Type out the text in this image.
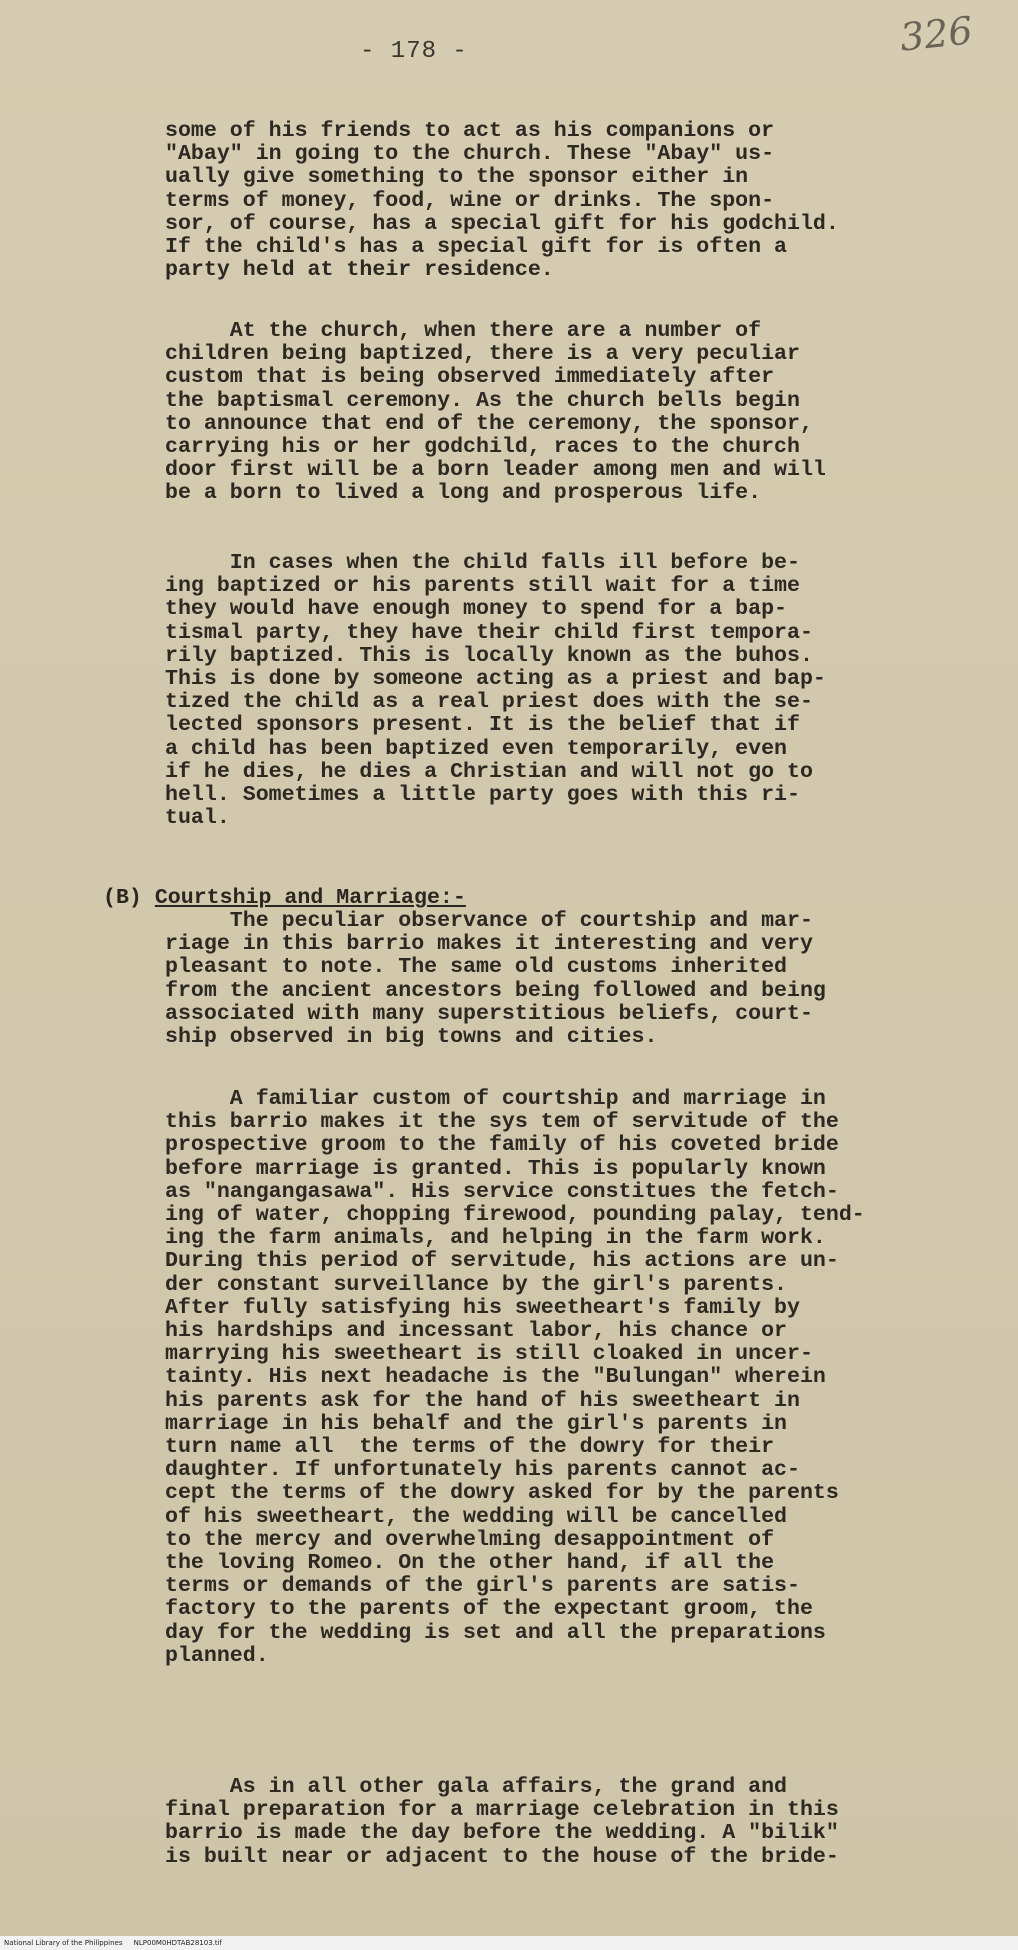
- 178 -	326
some of his friends to act as his companions or
"Abay" in going to the church. These "Abay" us-
ually give something to the sponsor either in
terms of money, food, wine or drinks. The spon-
sor, of course, has a special gift for his godchild.
If the child's has a special gift for is often a
party held at their residence.
At the church, when there are a number of
children being baptized, there is a very peculiar
custom that is being observed immediately after
the baptismal ceremony. As the church bells begin
to announce that end of the ceremony, the sponsor,
carrying his or her godchild, races to the church
door first will be a born leader among men and will
be a born to lived a long and prosperous life.
In cases when the child falls ill before be-
ing baptized or his parents still wait for a time
they would have enough money to spend for a bap-
tismal party, they have their child first tempora-
rily baptized. This is locally known as the buhos.
This is done by someone acting as a priest and bap-
tized the child as a real priest does with the se-
lected sponsors present. It is the belief that if
a child has been baptized even temporarily, even
if he dies, he dies a Christian and will not go to
hell. Sometimes a little party goes with this ri-
tual.
(B) Courtship and Marriage:-
The peculiar observance of courtship and mar-
riage in this barrio makes it interesting and very
pleasant to note. The same old customs inherited
from the ancient ancestors being followed and being
associated with many superstitious beliefs, court-
ship observed in big towns and cities.
A familiar custom of courtship and marriage in
this barrio makes it the sys tem of servitude of the
prospective groom to the family of his coveted bride
before marriage is granted. This is popularly known
as "nangangasawa". His service constitues the fetch-
ing of water, chopping firewood, pounding palay, tend-
ing the farm animals, and helping in the farm work.
During this period of servitude, his actions are un-
der constant surveillance by the girl's parents.
After fully satisfying his sweetheart's family by
his hardships and incessant labor, his chance or
marrying his sweetheart is still cloaked in uncer-
tainty. His next headache is the "Bulungan" wherein
his parents ask for the hand of his sweetheart in
marriage in his behalf and the girl's parents in
turn name all  the terms of the dowry for their
daughter. If unfortunately his parents cannot ac-
cept the terms of the dowry asked for by the parents
of his sweetheart, the wedding will be cancelled
to the mercy and overwhelming desappointment of
the loving Romeo. On the other hand, if all the
terms or demands of the girl's parents are satis-
factory to the parents of the expectant groom, the
day for the wedding is set and all the preparations
planned.
As in all other gala affairs, the grand and
final preparation for a marriage celebration in this
barrio is made the day before the wedding. A "bilik"
is built near or adjacent to the house of the bride-
National Library of the Philippines NLP00M0HDTAB28103.tif
